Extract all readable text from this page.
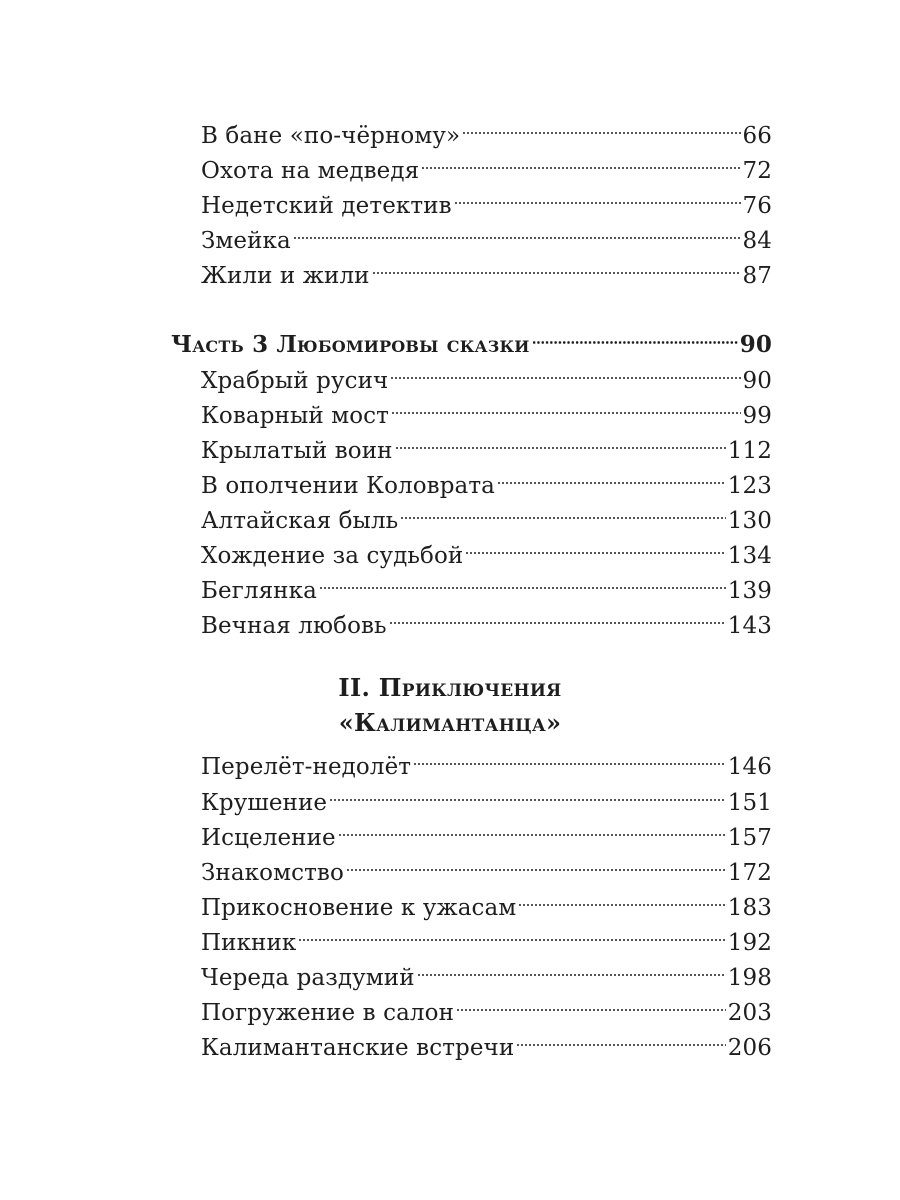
В бане «по-чёрному»	66
Охота на медведя	72
Недетский детектив	76
Змейка	84
Жили и жили	87
Часть 3 Любомировы сказки	90
Храбрый русич	90
Коварный мост	99
Крылатый воин	112
В ополчении Коловрата	123
Алтайская быль	130
Хождение за судьбой	134
Беглянка	139
Вечная любовь	143
II. Приключения
«Калимантанца»
Перелёт-недолёт	146
Крушение	151
Исцеление	157
Знакомство	172
Прикосновение к ужасам	183
Пикник	192
Череда раздумий	198
Погружение в салон	203
Калимантанские встречи	206
